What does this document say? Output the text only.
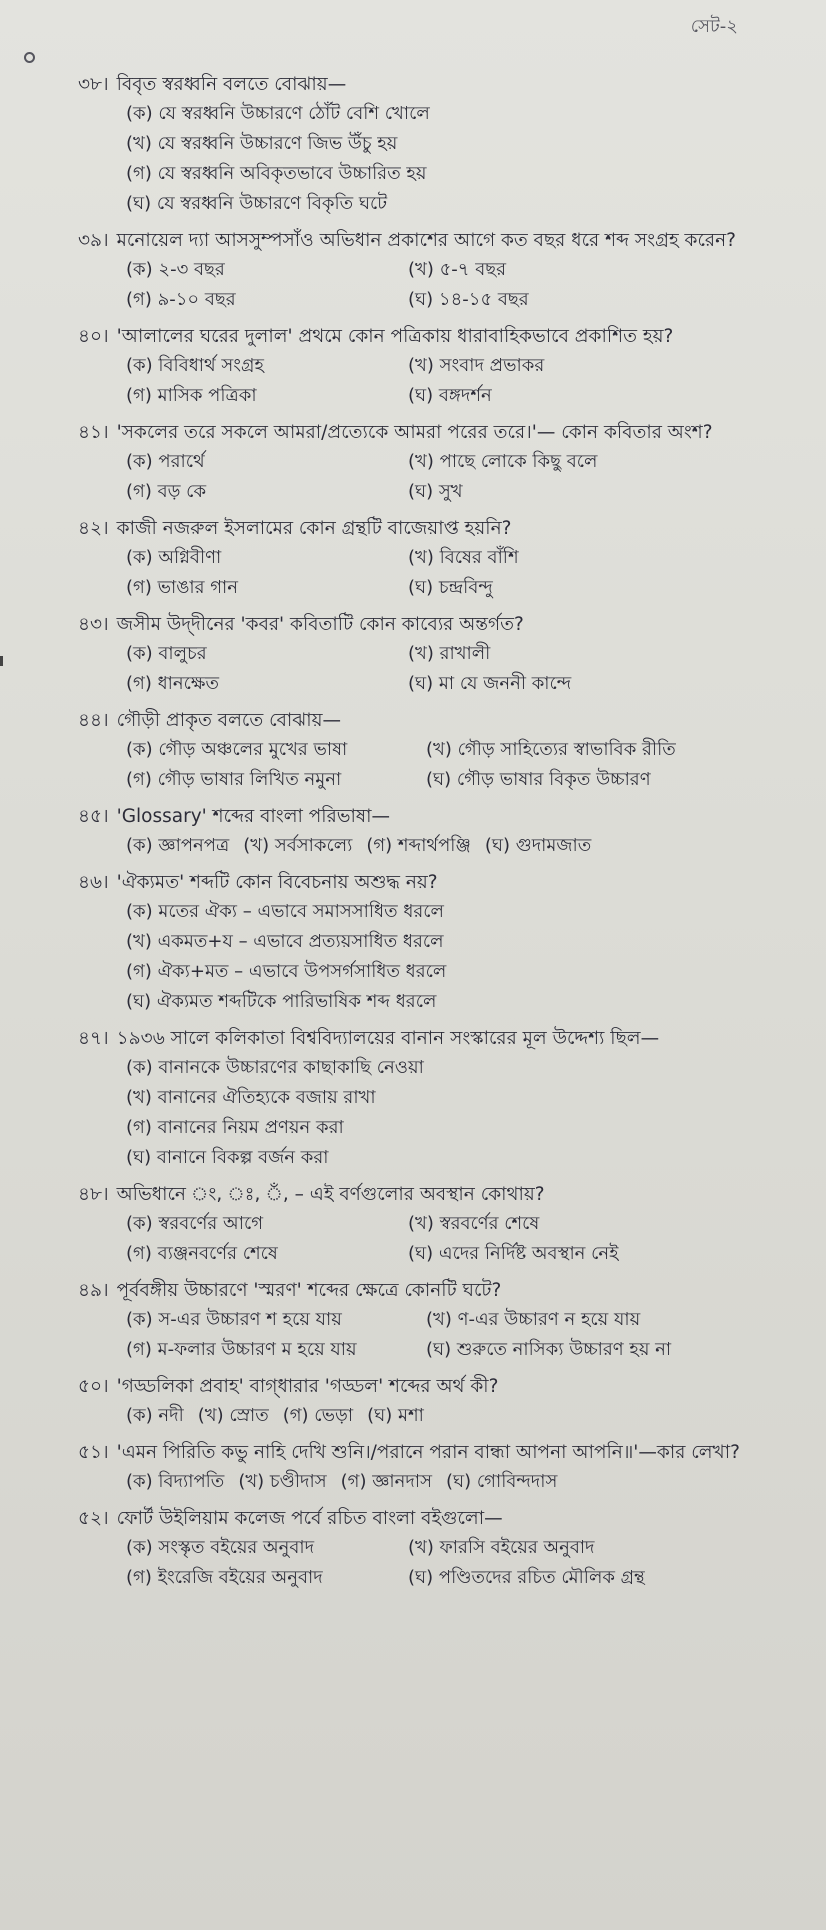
সেট-২
৩৮। বিবৃত স্বরধ্বনি বলতে বোঝায়—
(ক) যে স্বরধ্বনি উচ্চারণে ঠোঁট বেশি খোলে
(খ) যে স্বরধ্বনি উচ্চারণে জিভ উঁচু হয়
(গ) যে স্বরধ্বনি অবিকৃতভাবে উচ্চারিত হয়
(ঘ) যে স্বরধ্বনি উচ্চারণে বিকৃতি ঘটে
৩৯। মনোয়েল দ্যা আসসুম্পসাঁও অভিধান প্রকাশের আগে কত বছর ধরে শব্দ সংগ্রহ করেন?
(ক) ২-৩ বছর	(খ) ৫-৭ বছর
(গ) ৯-১০ বছর	(ঘ) ১৪-১৫ বছর
৪০। 'আলালের ঘরের দুলাল' প্রথমে কোন পত্রিকায় ধারাবাহিকভাবে প্রকাশিত হয়?
(ক) বিবিধার্থ সংগ্রহ	(খ) সংবাদ প্রভাকর
(গ) মাসিক পত্রিকা	(ঘ) বঙ্গদর্শন
৪১। 'সকলের তরে সকলে আমরা/প্রত্যেকে আমরা পরের তরে।'— কোন কবিতার অংশ?
(ক) পরার্থে	(খ) পাছে লোকে কিছু বলে
(গ) বড় কে	(ঘ) সুখ
৪২। কাজী নজরুল ইসলামের কোন গ্রন্থটি বাজেয়াপ্ত হয়নি?
(ক) অগ্নিবীণা	(খ) বিষের বাঁশি
(গ) ভাঙার গান	(ঘ) চন্দ্রবিন্দু
৪৩। জসীম উদ্‌দীনের 'কবর' কবিতাটি কোন কাব্যের অন্তর্গত?
(ক) বালুচর	(খ) রাখালী
(গ) ধানক্ষেত	(ঘ) মা যে জননী কান্দে
৪৪। গৌড়ী প্রাকৃত বলতে বোঝায়—
(ক) গৌড় অঞ্চলের মুখের ভাষা	(খ) গৌড় সাহিত্যের স্বাভাবিক রীতি
(গ) গৌড় ভাষার লিখিত নমুনা	(ঘ) গৌড় ভাষার বিকৃত উচ্চারণ
৪৫। 'Glossary' শব্দের বাংলা পরিভাষা—
(ক) জ্ঞাপনপত্র (খ) সর্বসাকল্যে (গ) শব্দার্থপঞ্জি (ঘ) গুদামজাত
৪৬। 'ঐক্যমত' শব্দটি কোন বিবেচনায় অশুদ্ধ নয়?
(ক) মতের ঐক্য – এভাবে সমাসসাধিত ধরলে
(খ) একমত+য – এভাবে প্রত্যয়সাধিত ধরলে
(গ) ঐক্য+মত – এভাবে উপসর্গসাধিত ধরলে
(ঘ) ঐক্যমত শব্দটিকে পারিভাষিক শব্দ ধরলে
৪৭। ১৯৩৬ সালে কলিকাতা বিশ্ববিদ্যালয়ের বানান সংস্কারের মূল উদ্দেশ্য ছিল—
(ক) বানানকে উচ্চারণের কাছাকাছি নেওয়া
(খ) বানানের ঐতিহ্যকে বজায় রাখা
(গ) বানানের নিয়ম প্রণয়ন করা
(ঘ) বানানে বিকল্প বর্জন করা
৪৮। অভিধানে ং, ঃ, ঁ, – এই বর্ণগুলোর অবস্থান কোথায়?
(ক) স্বরবর্ণের আগে	(খ) স্বরবর্ণের শেষে
(গ) ব্যঞ্জনবর্ণের শেষে	(ঘ) এদের নির্দিষ্ট অবস্থান নেই
৪৯। পূর্ববঙ্গীয় উচ্চারণে 'স্মরণ' শব্দের ক্ষেত্রে কোনটি ঘটে?
(ক) স-এর উচ্চারণ শ হয়ে যায়	(খ) ণ-এর উচ্চারণ ন হয়ে যায়
(গ) ম-ফলার উচ্চারণ ম হয়ে যায়	(ঘ) শুরুতে নাসিক্য উচ্চারণ হয় না
৫০। 'গড্ডলিকা প্রবাহ' বাগ্‌ধারার 'গড্ডল' শব্দের অর্থ কী?
(ক) নদী (খ) স্রোত (গ) ভেড়া (ঘ) মশা
৫১। 'এমন পিরিতি কভু নাহি দেখি শুনি।/পরানে পরান বান্ধা আপনা আপনি॥'—কার লেখা?
(ক) বিদ্যাপতি (খ) চণ্ডীদাস (গ) জ্ঞানদাস (ঘ) গোবিন্দদাস
৫২। ফোর্ট উইলিয়াম কলেজ পর্বে রচিত বাংলা বইগুলো—
(ক) সংস্কৃত বইয়ের অনুবাদ	(খ) ফারসি বইয়ের অনুবাদ
(গ) ইংরেজি বইয়ের অনুবাদ	(ঘ) পণ্ডিতদের রচিত মৌলিক গ্রন্থ
